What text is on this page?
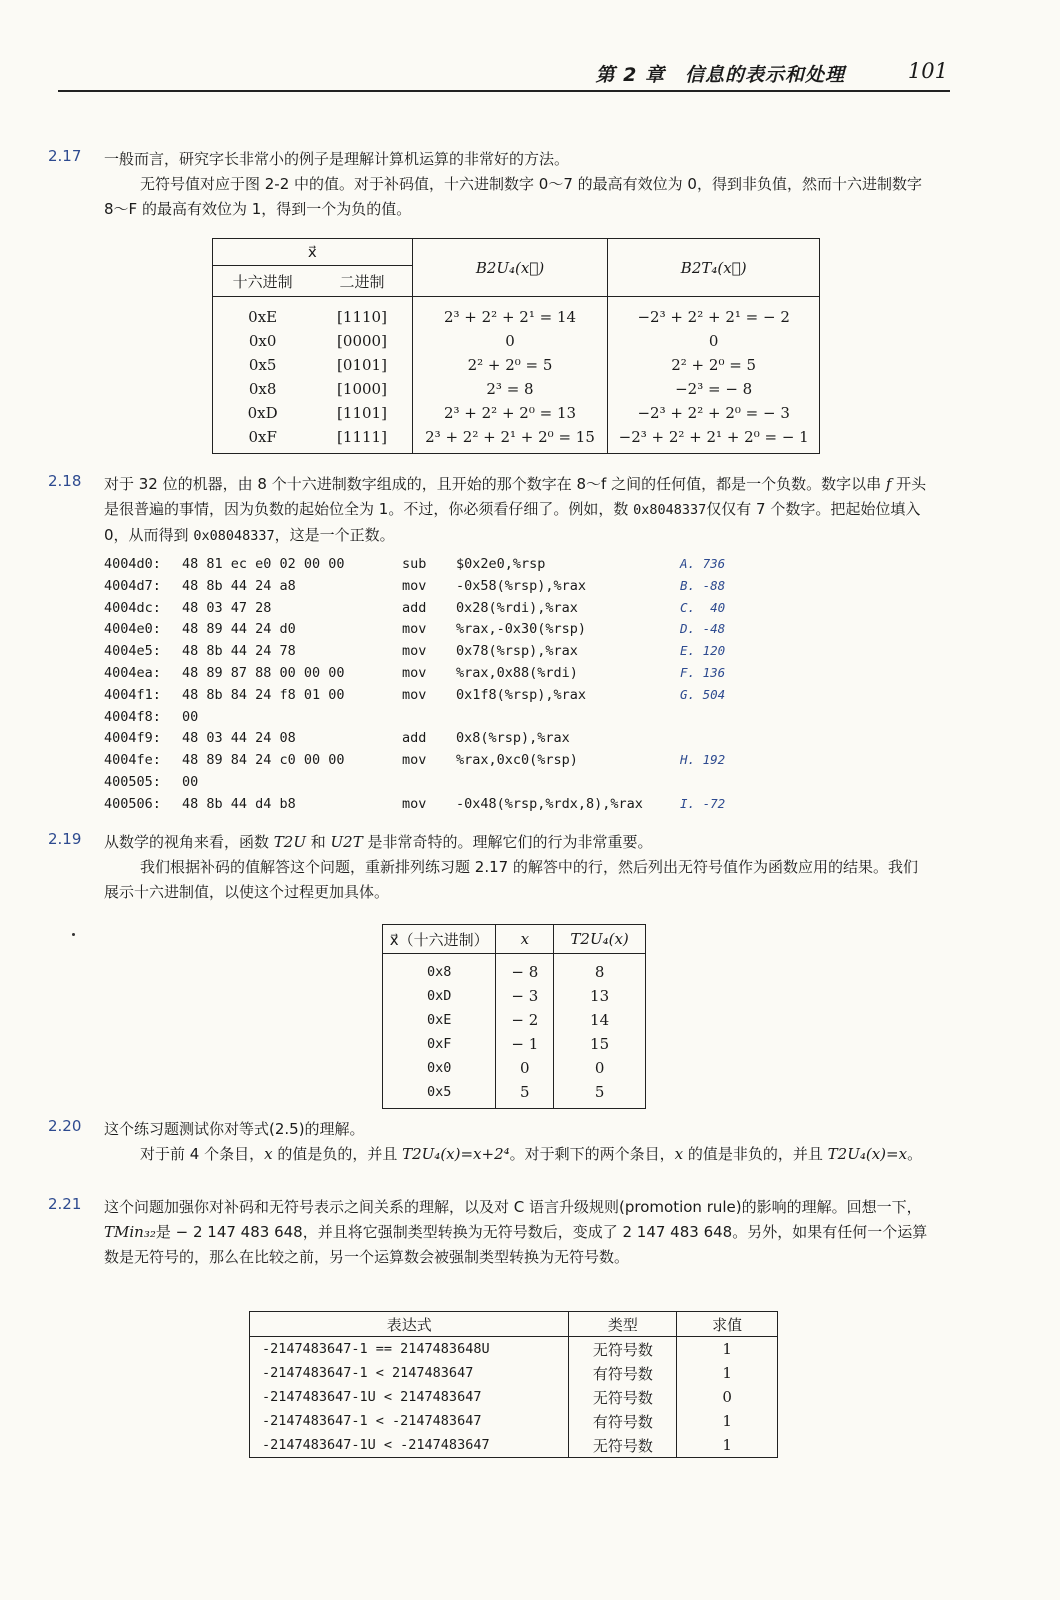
第 2 章　信息的表示和处理	101
2.17 一般而言，研究字长非常小的例子是理解计算机运算的非常好的方法。
无符号值对应于图 2-2 中的值。对于补码值，十六进制数字 0～7 的最高有效位为 0，得到非负值，然而十六进制数字 8～F 的最高有效位为 1，得到一个为负的值。
x⃗		B2U₄(x⃗)	B2T₄(x⃗)
十六进制	二进制		
0xE	[1110]	2³ + 2² + 2¹ = 14	−2³ + 2² + 2¹ = − 2
0x0	[0000]	0	0
0x5	[0101]	2² + 2⁰ = 5	2² + 2⁰ = 5
0x8	[1000]	2³ = 8	−2³ = − 8
0xD	[1101]	2³ + 2² + 2⁰ = 13	−2³ + 2² + 2⁰ = − 3
0xF	[1111]	2³ + 2² + 2¹ + 2⁰ = 15	−2³ + 2² + 2¹ + 2⁰ = − 1
2.18 对于 32 位的机器，由 8 个十六进制数字组成的，且开始的那个数字在 8～f 之间的任何值，都是一个负数。数字以串 f 开头是很普遍的事情，因为负数的起始位全为 1。不过，你必须看仔细了。例如，数 0x8048337仅仅有 7 个数字。把起始位填入 0，从而得到 0x08048337，这是一个正数。
4004d0: 48 81 ec e0 02 00 00	sub $0x2e0,%rsp	A. 736
4004d7: 48 8b 44 24 a8	mov -0x58(%rsp),%rax	B. -88
4004dc: 48 03 47 28	add 0x28(%rdi),%rax	C.  40
4004e0: 48 89 44 24 d0	mov %rax,-0x30(%rsp)	D. -48
4004e5: 48 8b 44 24 78	mov 0x78(%rsp),%rax	E. 120
4004ea: 48 89 87 88 00 00 00	mov %rax,0x88(%rdi)	F. 136
4004f1: 48 8b 84 24 f8 01 00	mov 0x1f8(%rsp),%rax	G. 504
4004f8: 00
4004f9: 48 03 44 24 08	add 0x8(%rsp),%rax
4004fe: 48 89 84 24 c0 00 00	mov %rax,0xc0(%rsp)	H. 192
400505: 00
400506: 48 8b 44 d4 b8	mov -0x48(%rsp,%rdx,8),%rax	I. -72
2.19 从数学的视角来看，函数 T2U 和 U2T 是非常奇特的。理解它们的行为非常重要。
我们根据补码的值解答这个问题，重新排列练习题 2.17 的解答中的行，然后列出无符号值作为函数应用的结果。我们展示十六进制值，以使这个过程更加具体。
x⃗（十六进制）	x	T2U₄(x)
0x8	− 8	8
0xD	− 3	13
0xE	− 2	14
0xF	− 1	15
0x0	0	0
0x5	5	5
2.20 这个练习题测试你对等式(2.5)的理解。
对于前 4 个条目，x 的值是负的，并且 T2U₄(x)=x+2⁴。对于剩下的两个条目，x 的值是非负的，并且 T2U₄(x)=x。
2.21 这个问题加强你对补码和无符号表示之间关系的理解，以及对 C 语言升级规则(promotion rule)的影响的理解。回想一下，TMin₃₂是 − 2 147 483 648，并且将它强制类型转换为无符号数后，变成了 2 147 483 648。另外，如果有任何一个运算数是无符号的，那么在比较之前，另一个运算数会被强制类型转换为无符号数。
表达式	类型	求值
-2147483647-1 == 2147483648U	无符号数	1
-2147483647-1 < 2147483647	有符号数	1
-2147483647-1U < 2147483647	无符号数	0
-2147483647-1 < -2147483647	有符号数	1
-2147483647-1U < -2147483647	无符号数	1
